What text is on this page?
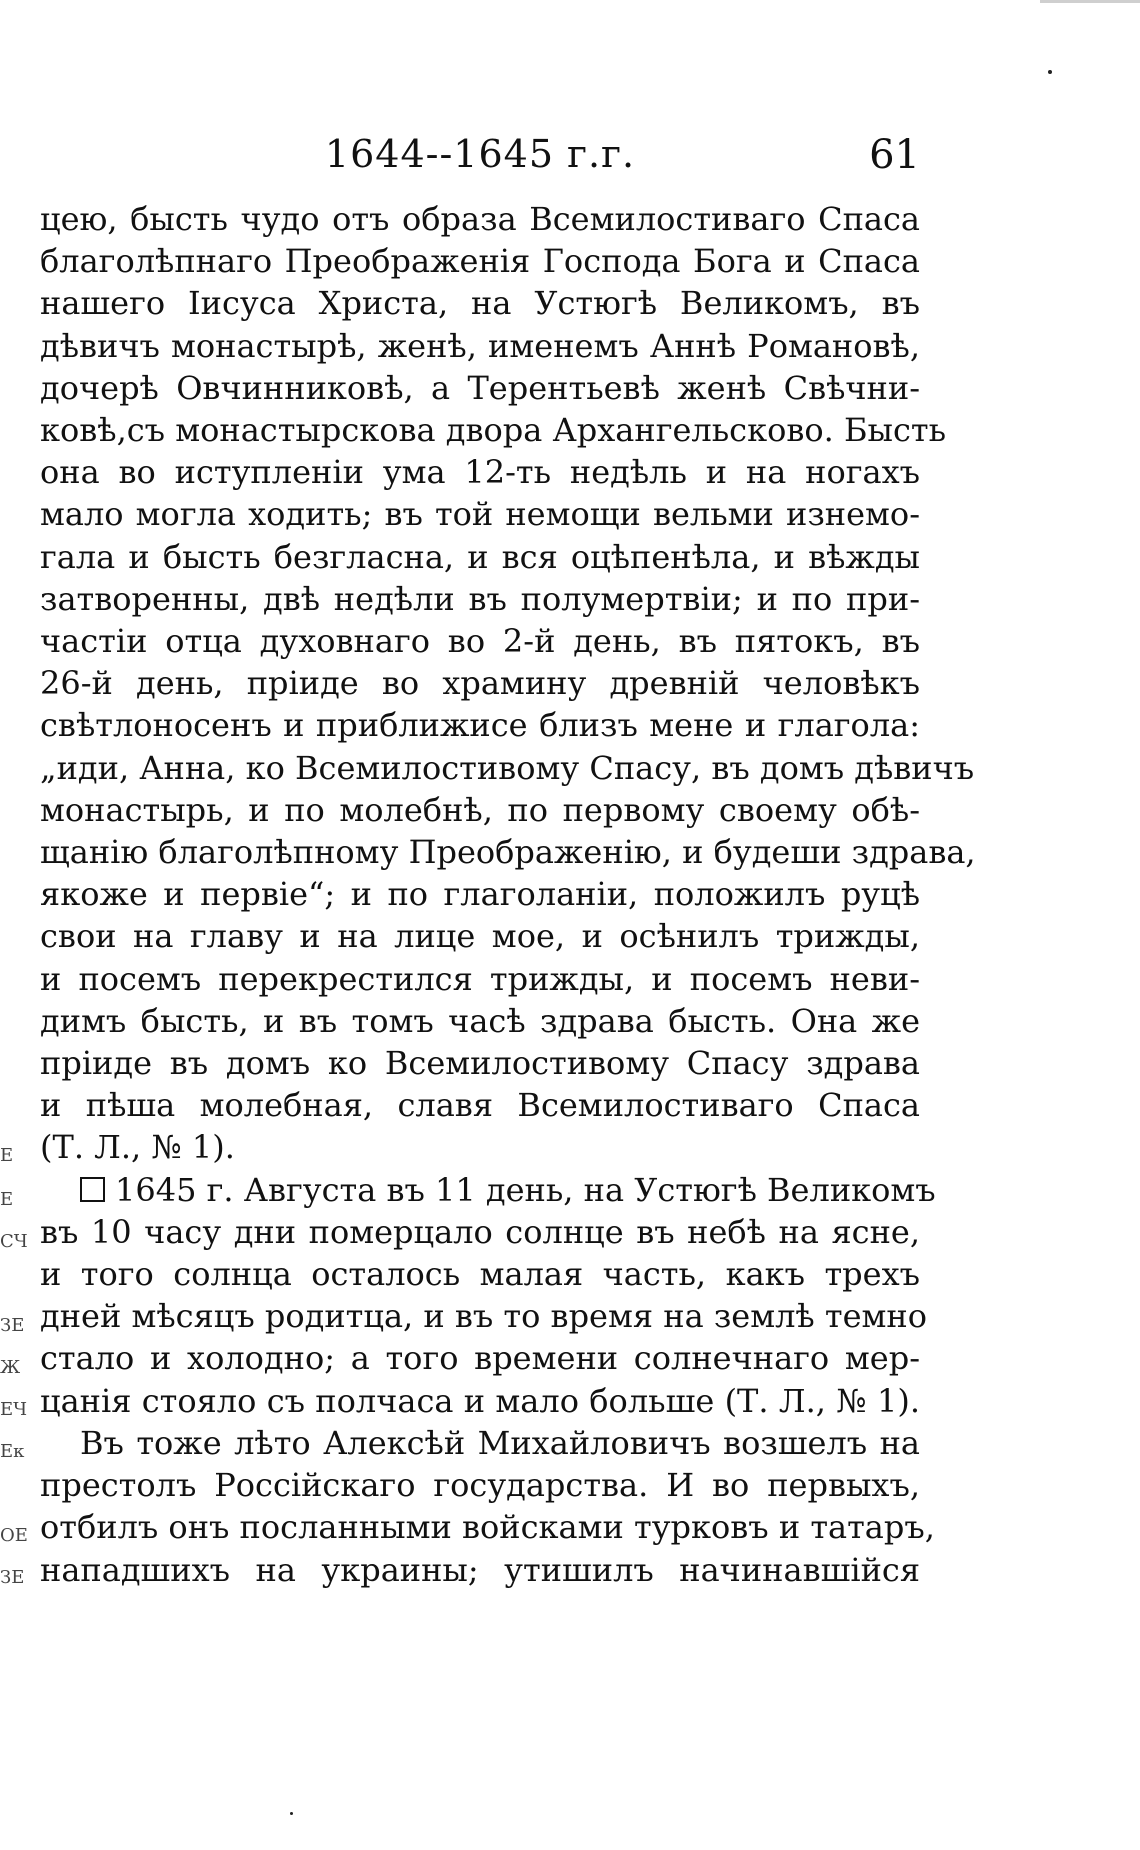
Е
Е
СЧ
ЗЕ
Ж
ЕЧ
Ек
ОЕ
ЗЕ
1644--1645 г.г.	61
цею, бысть чудо отъ образа Всемилостиваго Спаса
благолѣпнаго Преображенія Господа Бога и Спаса
нашего Іисуса Христа, на Устюгѣ Великомъ, въ
дѣвичъ монастырѣ, женѣ, именемъ Аннѣ Романовѣ,
дочерѣ Овчинниковѣ, а Терентьевѣ женѣ Свѣчни-
ковѣ,съ монастырскова двора Архангельсково. Бысть
она во иступленіи ума 12-ть недѣль и на ногахъ
мало могла ходить; въ той немощи вельми изнемо-
гала и бысть безгласна, и вся оцѣпенѣла, и вѣжды
затворенны, двѣ недѣли въ полумертвіи; и по при-
частіи отца духовнаго во 2-й день, въ пятокъ, въ
26-й день, пріиде во храмину древній человѣкъ
свѣтлоносенъ и приближисе близъ мене и глагола:
„иди, Анна, ко Всемилостивому Спасу, въ домъ дѣвичъ
монастырь, и по молебнѣ, по первому своему обѣ-
щанію благолѣпному Преображенію, и будеши здрава,
якоже и первіе“; и по глаголаніи, положилъ руцѣ
свои на главу и на лице мое, и осѣнилъ трижды,
и посемъ перекрестился трижды, и посемъ неви-
димъ бысть, и въ томъ часѣ здрава бысть. Она же
пріиде въ домъ ко Всемилостивому Спасу здрава
и пѣша молебная, славя Всемилостиваго Спаса
(Т. Л., № 1).
1645 г. Августа въ 11 день, на Устюгѣ Великомъ
въ 10 часу дни померцало солнце въ небѣ на ясне,
и того солнца осталось малая часть, какъ трехъ
дней мѣсяцъ родитца, и въ то время на землѣ темно
стало и холодно; а того времени солнечнаго мер-
цанія стояло съ полчаса и мало больше (Т. Л., № 1).
Въ тоже лѣто Алексѣй Михайловичъ возшелъ на
престолъ Россійскаго государства. И во первыхъ,
отбилъ онъ посланными войсками турковъ и татаръ,
нападшихъ на украины; утишилъ начинавшійся
